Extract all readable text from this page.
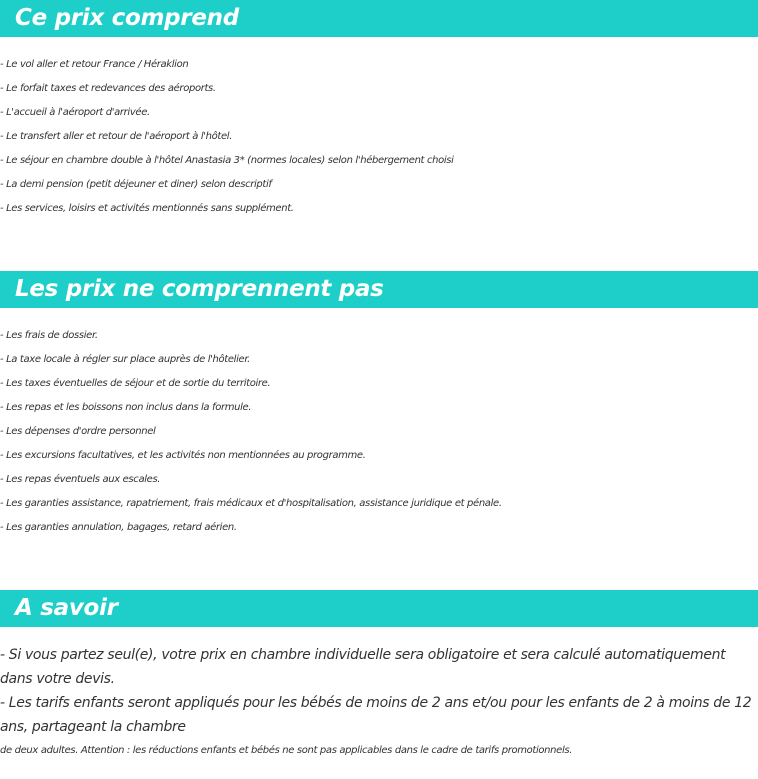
Ce prix comprend
- Le vol aller et retour France / Héraklion
- Le forfait taxes et redevances des aéroports.
- L'accueil à l'aéroport d'arrivée.
- Le transfert aller et retour de l'aéroport à l'hôtel.
- Le séjour en chambre double à l'hôtel Anastasia 3* (normes locales) selon l'hébergement choisi
- La demi pension (petit déjeuner et diner) selon descriptif
- Les services, loisirs et activités mentionnés sans supplément.
Les prix ne comprennent pas
- Les frais de dossier.
- La taxe locale à régler sur place auprès de l'hôtelier.
- Les taxes éventuelles de séjour et de sortie du territoire.
- Les repas et les boissons non inclus dans la formule.
- Les dépenses d'ordre personnel
- Les excursions facultatives, et les activités non mentionnées au programme.
- Les repas éventuels aux escales.
- Les garanties assistance, rapatriement, frais médicaux et d'hospitalisation, assistance juridique et pénale.
- Les garanties annulation, bagages, retard aérien.
A savoir
- Si vous partez seul(e), votre prix en chambre individuelle sera obligatoire et sera calculé automatiquement dans votre devis.
- Les tarifs enfants seront appliqués pour les bébés de moins de 2 ans et/ou pour les enfants de 2 à moins de 12 ans, partageant la chambre
de deux adultes. Attention : les réductions enfants et bébés ne sont pas applicables dans le cadre de tarifs promotionnels.
